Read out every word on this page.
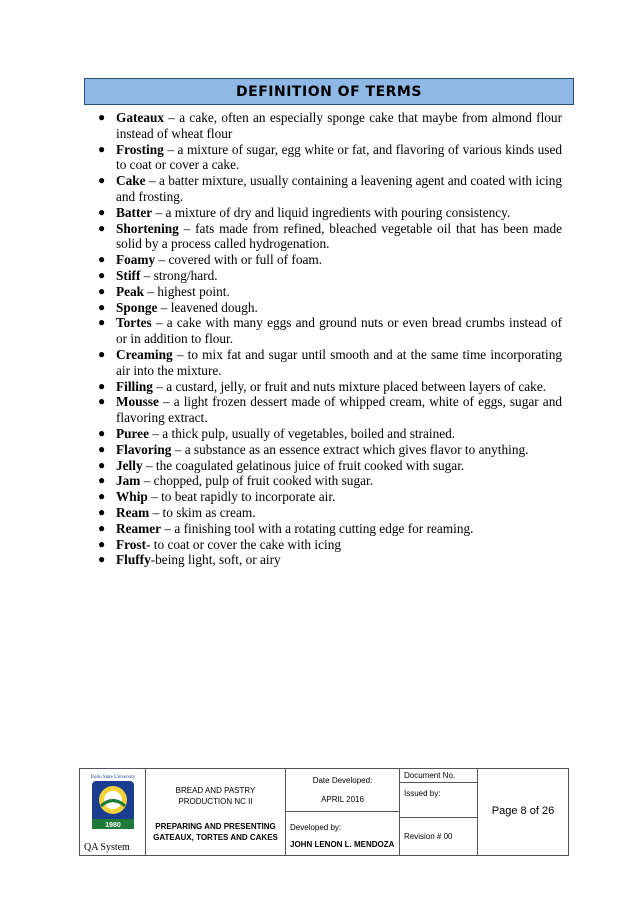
DEFINITION OF TERMS
● Gateaux – a cake, often an especially sponge cake that maybe from almond flour instead of wheat flour
● Frosting – a mixture of sugar, egg white or fat, and flavoring of various kinds used to coat or cover a cake.
● Cake – a batter mixture, usually containing a leavening agent and coated with icing and frosting.
● Batter – a mixture of dry and liquid ingredients with pouring consistency.
● Shortening – fats made from refined, bleached vegetable oil that has been made solid by a process called hydrogenation.
● Foamy – covered with or full of foam.
● Stiff – strong/hard.
● Peak – highest point.
● Sponge – leavened dough.
● Tortes – a cake with many eggs and ground nuts or even bread crumbs instead of or in addition to flour.
● Creaming – to mix fat and sugar until smooth and at the same time incorporating air into the mixture.
● Filling – a custard, jelly, or fruit and nuts mixture placed between layers of cake.
● Mousse – a light frozen dessert made of whipped cream, white of eggs, sugar and flavoring extract.
● Puree – a thick pulp, usually of vegetables, boiled and strained.
● Flavoring – a substance as an essence extract which gives flavor to anything.
● Jelly – the coagulated gelatinous juice of fruit cooked with sugar.
● Jam – chopped, pulp of fruit cooked with sugar.
● Whip – to beat rapidly to incorporate air.
● Ream – to skim as cream.
● Reamer – a finishing tool with a rotating cutting edge for reaming.
● Frost- to coat or cover the cake with icing
● Fluffy-being light, soft, or airy
Iloilo State University
1980
QA System
BREAD AND PASTRY
PRODUCTION NC II
PREPARING AND PRESENTING
GATEAUX, TORTES AND CAKES
Date Developed:
APRIL 2016
Developed by:
JOHN LENON L. MENDOZA
Document No.
Issued by:
Revision # 00
Page 8 of 26
